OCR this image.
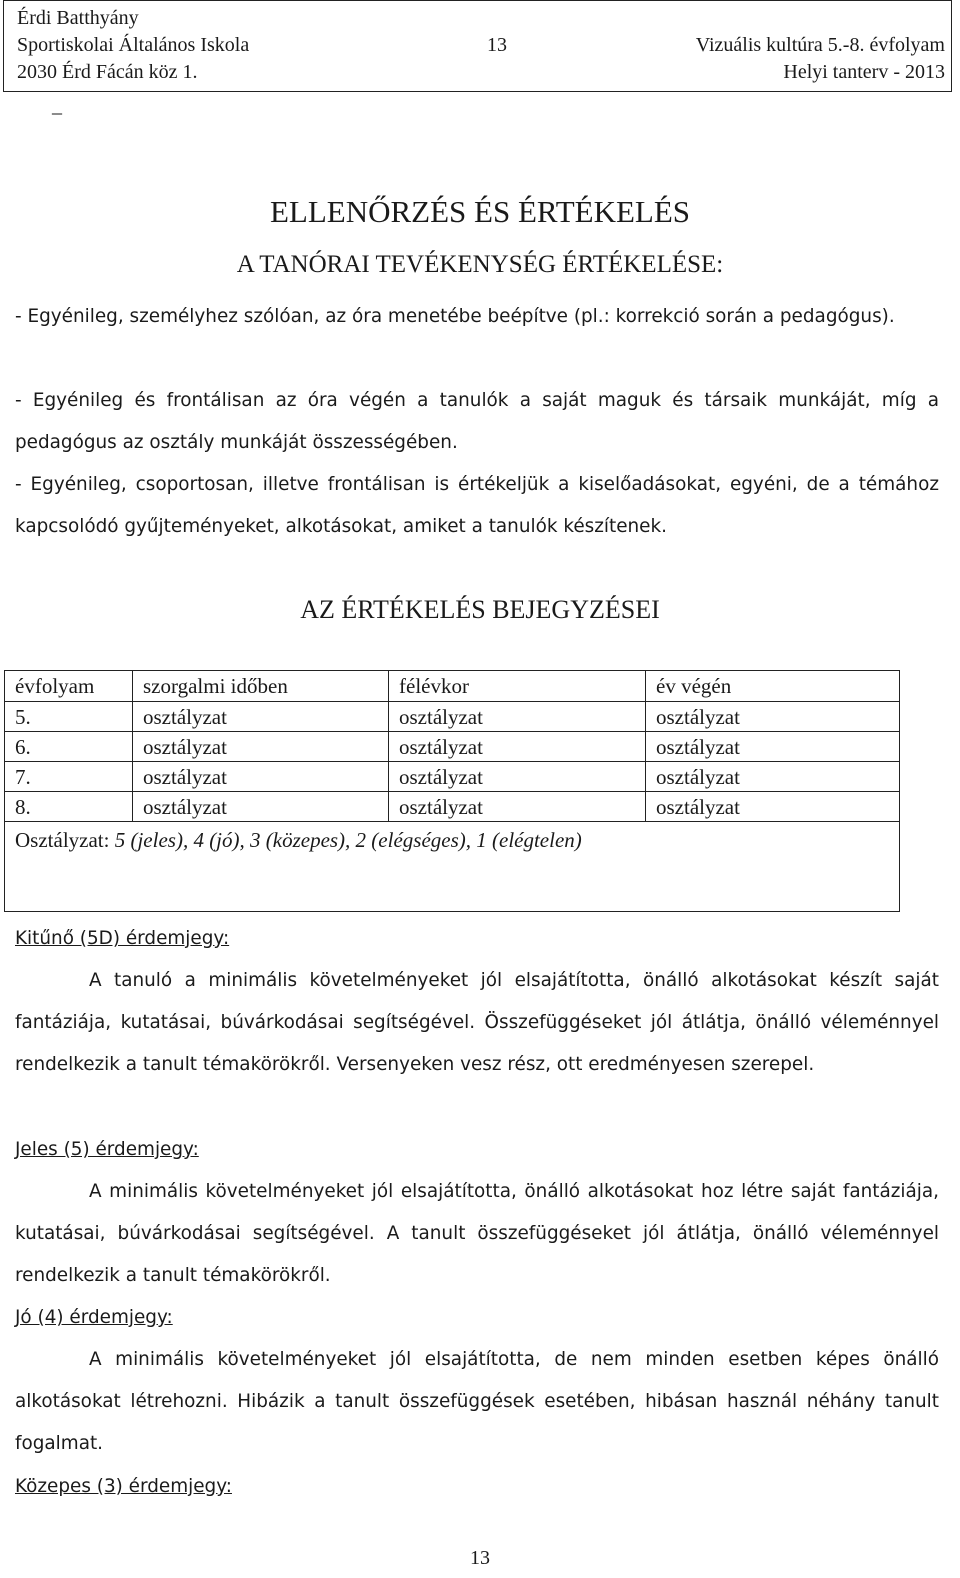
Érdi Batthyány
Sportiskolai Általános Iskola	13	Vizuális kultúra 5.-8. évfolyam
2030 Érd Fácán köz 1.	Helyi tanterv - 2013
_
ELLENŐRZÉS ÉS ÉRTÉKELÉS
A TANÓRAI TEVÉKENYSÉG ÉRTÉKELÉSE:

- Egyénileg, személyhez szólóan, az óra menetébe beépítve (pl.: korrekció során a pedagógus).

- Egyénileg és frontálisan az óra végén a tanulók a saját maguk és társaik munkáját, míg a pedagógus az osztály munkáját összességében.

- Egyénileg, csoportosan, illetve frontálisan is értékeljük a kiselőadásokat, egyéni, de a témához kapcsolódó gyűjteményeket, alkotásokat, amiket a tanulók készítenek.

AZ ÉRTÉKELÉS BEJEGYZÉSEI
évfolyam	szorgalmi időben	félévkor	év végén
5.	osztályzat	osztályzat	osztályzat
6.	osztályzat	osztályzat	osztályzat
7.	osztályzat	osztályzat	osztályzat
8.	osztályzat	osztályzat	osztályzat
Osztályzat: 5 (jeles), 4 (jó), 3 (közepes), 2 (elégséges), 1 (elégtelen)			
Kitűnő (5D) érdemjegy:

A tanuló a minimális követelményeket jól elsajátította, önálló alkotásokat készít saját fantáziája, kutatásai, búvárkodásai segítségével. Összefüggéseket jól átlátja, önálló véleménnyel rendelkezik a tanult témakörökről. Versenyeken vesz rész, ott eredményesen szerepel.

Jeles (5) érdemjegy:

A minimális követelményeket jól elsajátította, önálló alkotásokat hoz létre saját fantáziája, kutatásai, búvárkodásai segítségével. A tanult összefüggéseket jól átlátja, önálló véleménnyel rendelkezik a tanult témakörökről.

Jó (4) érdemjegy:

A minimális követelményeket jól elsajátította, de nem minden esetben képes önálló alkotásokat létrehozni. Hibázik a tanult összefüggések esetében, hibásan használ néhány tanult fogalmat.

Közepes (3) érdemjegy:
13
